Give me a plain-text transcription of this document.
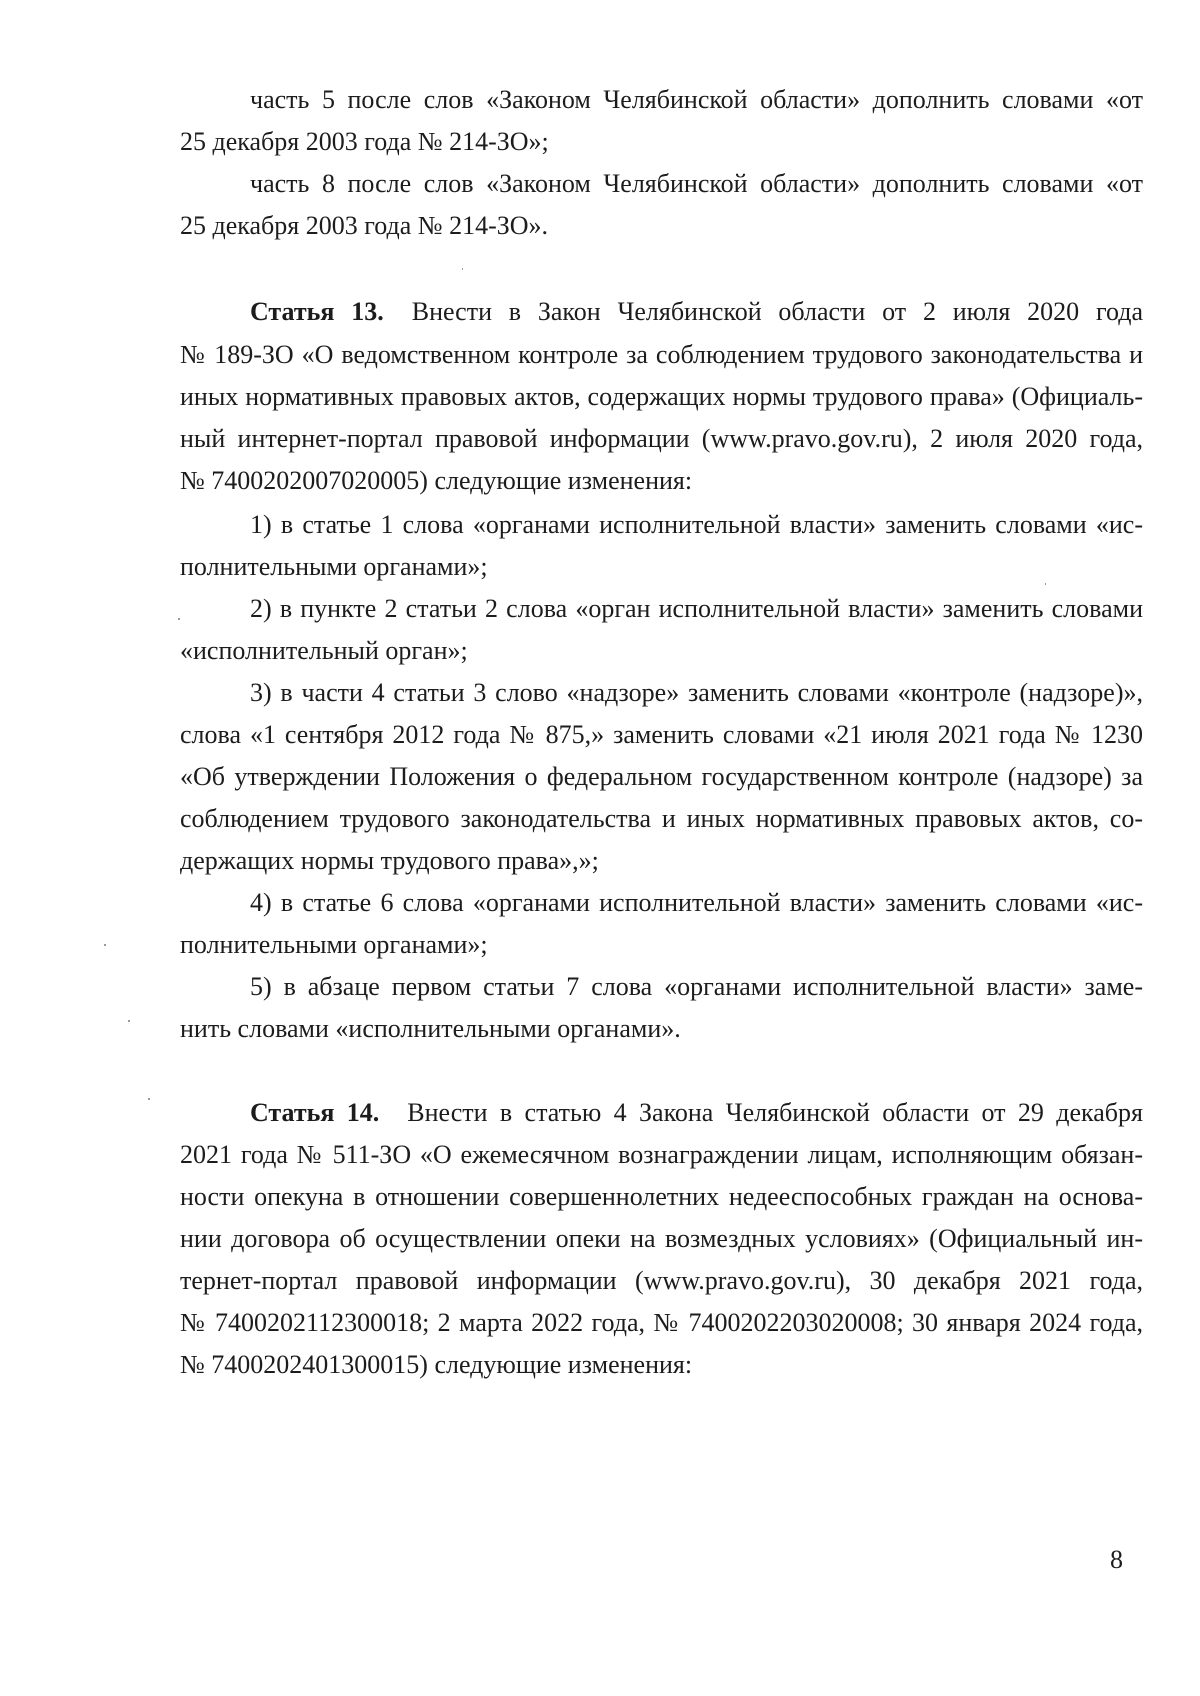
часть 5 после слов «Законом Челябинской области» дополнить словами «от
25 декабря 2003 года № 214-ЗО»;
часть 8 после слов «Законом Челябинской области» дополнить словами «от
25 декабря 2003 года № 214-ЗО».
Статья 13. Внести в Закон Челябинской области от 2 июля 2020 года
№ 189-ЗО «О ведомственном контроле за соблюдением трудового законодательства и
иных нормативных правовых актов, содержащих нормы трудового права» (Официаль-
ный интернет-портал правовой информации (www.pravo.gov.ru), 2 июля 2020 года,
№ 7400202007020005) следующие изменения:
1) в статье 1 слова «органами исполнительной власти» заменить словами «ис-
полнительными органами»;
2) в пункте 2 статьи 2 слова «орган исполнительной власти» заменить словами
«исполнительный орган»;
3) в части 4 статьи 3 слово «надзоре» заменить словами «контроле (надзоре)»,
слова «1 сентября 2012 года № 875,» заменить словами «21 июля 2021 года № 1230
«Об утверждении Положения о федеральном государственном контроле (надзоре) за
соблюдением трудового законодательства и иных нормативных правовых актов, со-
держащих нормы трудового права»,»;
4) в статье 6 слова «органами исполнительной власти» заменить словами «ис-
полнительными органами»;
5) в абзаце первом статьи 7 слова «органами исполнительной власти» заме-
нить словами «исполнительными органами».
Статья 14. Внести в статью 4 Закона Челябинской области от 29 декабря
2021 года № 511-ЗО «О ежемесячном вознаграждении лицам, исполняющим обязан-
ности опекуна в отношении совершеннолетних недееспособных граждан на основа-
нии договора об осуществлении опеки на возмездных условиях» (Официальный ин-
тернет-портал правовой информации (www.pravo.gov.ru), 30 декабря 2021 года,
№ 7400202112300018; 2 марта 2022 года, № 7400202203020008; 30 января 2024 года,
№ 7400202401300015) следующие изменения:
8
